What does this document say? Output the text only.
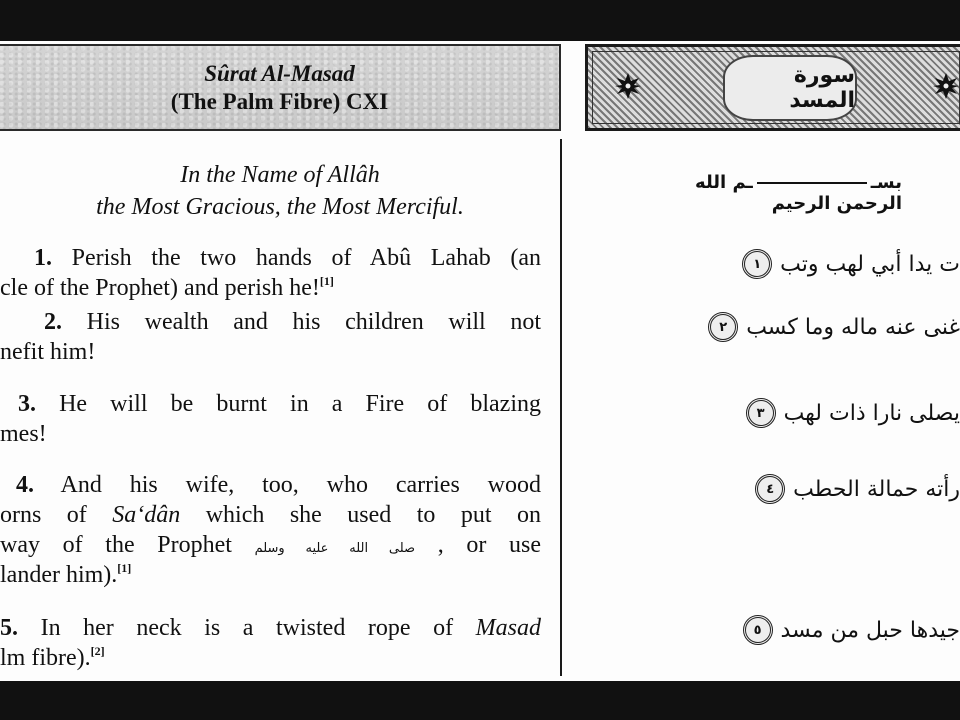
Sûrat Al-Masad
(The Palm Fibre) CXI
سورة المسد
In the Name of Allâh
the Most Gracious, the Most Merciful.
1. Perish the two hands of Abû Lahab (an
cle of the Prophet) and perish he![1]
2. His wealth and his children will not
nefit him!
3. He will be burnt in a Fire of blazing
mes!
4. And his wife, too, who carries wood
orns of Sa‘dân which she used to put on
way of the Prophet صلى الله عليه وسلم , or use
lander him).[1]
5. In her neck is a twisted rope of Masad
lm fibre).[2]
بســم الله الرحمن الرحيم
ت يدا أبي لهب وتب
١
غنى عنه ماله وما كسب
٢
يصلى نارا ذات لهب
٣
رأته حمالة الحطب
٤
جيدها حبل من مسد
٥
